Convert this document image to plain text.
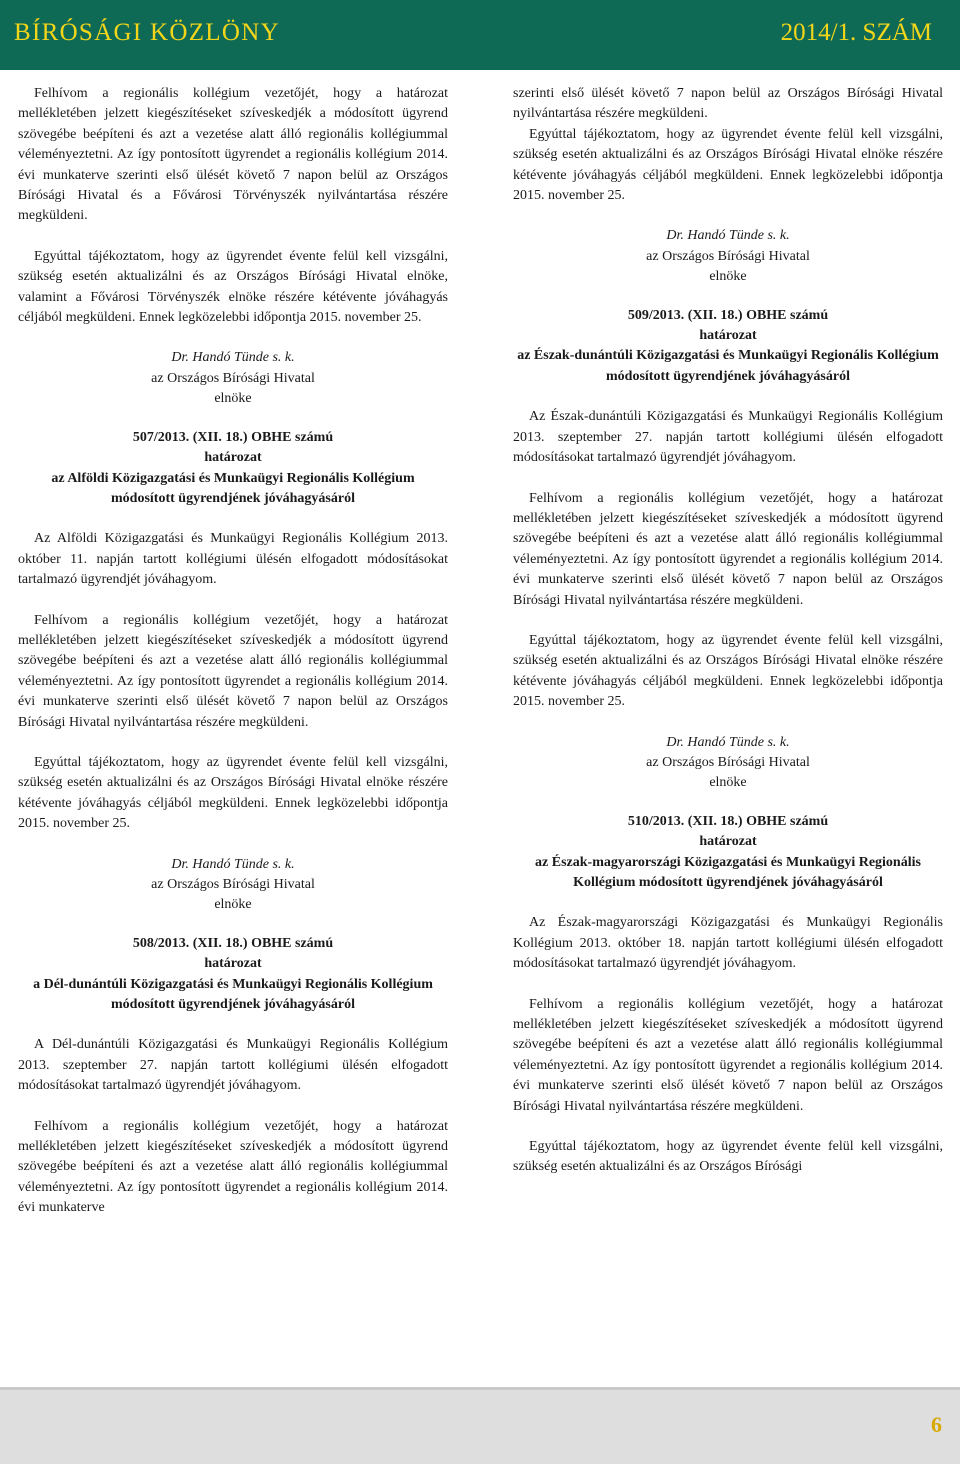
BÍRÓSÁGI KÖZLÖNY	2014/1. SZÁM

Felhívom a regionális kollégium vezetőjét, hogy a határozat mellékletében jelzett kiegészítéseket szíveskedjék a módosított ügyrend szövegébe beépíteni és azt a vezetése alatt álló regionális kollégiummal véleményeztetni. Az így pontosított ügyrendet a regionális kollégium 2014. évi munkaterve szerinti első ülését követő 7 napon belül az Országos Bírósági Hivatal és a Fővárosi Törvényszék nyilvántartása részére megküldeni.

Egyúttal tájékoztatom, hogy az ügyrendet évente felül kell vizsgálni, szükség esetén aktualizálni és az Országos Bírósági Hivatal elnöke, valamint a Fővárosi Törvényszék elnöke részére kétévente jóváhagyás céljából megküldeni. Ennek legközelebbi időpontja 2015. november 25.

Dr. Handó Tünde s. k.
az Országos Bírósági Hivatal
elnöke
507/2013. (XII. 18.) OBHE számú
határozat
az Alföldi Közigazgatási és Munkaügyi Regionális Kollégium módosított ügyrendjének jóváhagyásáról

Az Alföldi Közigazgatási és Munkaügyi Regionális Kollégium 2013. október 11. napján tartott kollégiumi ülésén elfogadott módosításokat tartalmazó ügyrendjét jóváhagyom.

Felhívom a regionális kollégium vezetőjét, hogy a határozat mellékletében jelzett kiegészítéseket szíveskedjék a módosított ügyrend szövegébe beépíteni és azt a vezetése alatt álló regionális kollégiummal véleményeztetni. Az így pontosított ügyrendet a regionális kollégium 2014. évi munkaterve szerinti első ülését követő 7 napon belül az Országos Bírósági Hivatal nyilvántartása részére megküldeni.

Egyúttal tájékoztatom, hogy az ügyrendet évente felül kell vizsgálni, szükség esetén aktualizálni és az Országos Bírósági Hivatal elnöke részére kétévente jóváhagyás céljából megküldeni. Ennek legközelebbi időpontja 2015. november 25.

Dr. Handó Tünde s. k.
az Országos Bírósági Hivatal
elnöke
508/2013. (XII. 18.) OBHE számú
határozat
a Dél-dunántúli Közigazgatási és Munkaügyi Regionális Kollégium módosított ügyrendjének jóváhagyásáról

A Dél-dunántúli Közigazgatási és Munkaügyi Regionális Kollégium 2013. szeptember 27. napján tartott kollégiumi ülésén elfogadott módosításokat tartalmazó ügyrendjét jóváhagyom.

Felhívom a regionális kollégium vezetőjét, hogy a határozat mellékletében jelzett kiegészítéseket szíveskedjék a módosított ügyrend szövegébe beépíteni és azt a vezetése alatt álló regionális kollégiummal véleményeztetni. Az így pontosított ügyrendet a regionális kollégium 2014. évi munkaterve

szerinti első ülését követő 7 napon belül az Országos Bírósági Hivatal nyilvántartása részére megküldeni.

Egyúttal tájékoztatom, hogy az ügyrendet évente felül kell vizsgálni, szükség esetén aktualizálni és az Országos Bírósági Hivatal elnöke részére kétévente jóváhagyás céljából megküldeni. Ennek legközelebbi időpontja 2015. november 25.

Dr. Handó Tünde s. k.
az Országos Bírósági Hivatal
elnöke
509/2013. (XII. 18.) OBHE számú
határozat
az Észak-dunántúli Közigazgatási és Munkaügyi Regionális Kollégium módosított ügyrendjének jóváhagyásáról

Az Észak-dunántúli Közigazgatási és Munkaügyi Regionális Kollégium 2013. szeptember 27. napján tartott kollégiumi ülésén elfogadott módosításokat tartalmazó ügyrendjét jóváhagyom.

Felhívom a regionális kollégium vezetőjét, hogy a határozat mellékletében jelzett kiegészítéseket szíveskedjék a módosított ügyrend szövegébe beépíteni és azt a vezetése alatt álló regionális kollégiummal véleményeztetni. Az így pontosított ügyrendet a regionális kollégium 2014. évi munkaterve szerinti első ülését követő 7 napon belül az Országos Bírósági Hivatal nyilvántartása részére megküldeni.

Egyúttal tájékoztatom, hogy az ügyrendet évente felül kell vizsgálni, szükség esetén aktualizálni és az Országos Bírósági Hivatal elnöke részére kétévente jóváhagyás céljából megküldeni. Ennek legközelebbi időpontja 2015. november 25.

Dr. Handó Tünde s. k.
az Országos Bírósági Hivatal
elnöke
510/2013. (XII. 18.) OBHE számú
határozat
az Észak-magyarországi Közigazgatási és Munkaügyi Regionális Kollégium módosított ügyrendjének jóváhagyásáról

Az Észak-magyarországi Közigazgatási és Munkaügyi Regionális Kollégium 2013. október 18. napján tartott kollégiumi ülésén elfogadott módosításokat tartalmazó ügyrendjét jóváhagyom.

Felhívom a regionális kollégium vezetőjét, hogy a határozat mellékletében jelzett kiegészítéseket szíveskedjék a módosított ügyrend szövegébe beépíteni és azt a vezetése alatt álló regionális kollégiummal véleményeztetni. Az így pontosított ügyrendet a regionális kollégium 2014. évi munkaterve szerinti első ülését követő 7 napon belül az Országos Bírósági Hivatal nyilvántartása részére megküldeni.

Egyúttal tájékoztatom, hogy az ügyrendet évente felül kell vizsgálni, szükség esetén aktualizálni és az Országos Bírósági

6
